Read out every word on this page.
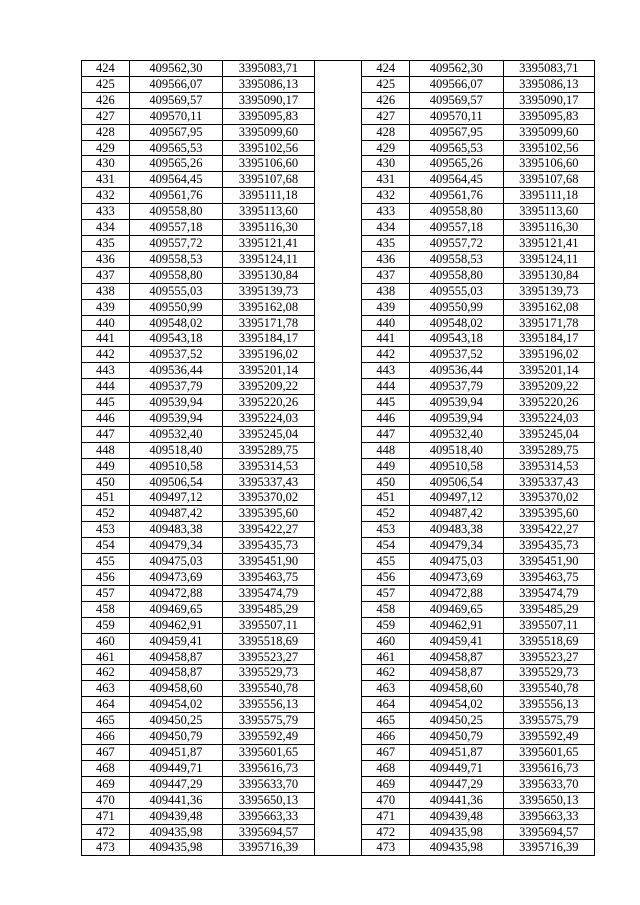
424	409562,30	3395083,71		424	409562,30	3395083,71
425	409566,07	3395086,13		425	409566,07	3395086,13
426	409569,57	3395090,17		426	409569,57	3395090,17
427	409570,11	3395095,83		427	409570,11	3395095,83
428	409567,95	3395099,60		428	409567,95	3395099,60
429	409565,53	3395102,56		429	409565,53	3395102,56
430	409565,26	3395106,60		430	409565,26	3395106,60
431	409564,45	3395107,68		431	409564,45	3395107,68
432	409561,76	3395111,18		432	409561,76	3395111,18
433	409558,80	3395113,60		433	409558,80	3395113,60
434	409557,18	3395116,30		434	409557,18	3395116,30
435	409557,72	3395121,41		435	409557,72	3395121,41
436	409558,53	3395124,11		436	409558,53	3395124,11
437	409558,80	3395130,84		437	409558,80	3395130,84
438	409555,03	3395139,73		438	409555,03	3395139,73
439	409550,99	3395162,08		439	409550,99	3395162,08
440	409548,02	3395171,78		440	409548,02	3395171,78
441	409543,18	3395184,17		441	409543,18	3395184,17
442	409537,52	3395196,02		442	409537,52	3395196,02
443	409536,44	3395201,14		443	409536,44	3395201,14
444	409537,79	3395209,22		444	409537,79	3395209,22
445	409539,94	3395220,26		445	409539,94	3395220,26
446	409539,94	3395224,03		446	409539,94	3395224,03
447	409532,40	3395245,04		447	409532,40	3395245,04
448	409518,40	3395289,75		448	409518,40	3395289,75
449	409510,58	3395314,53		449	409510,58	3395314,53
450	409506,54	3395337,43		450	409506,54	3395337,43
451	409497,12	3395370,02		451	409497,12	3395370,02
452	409487,42	3395395,60		452	409487,42	3395395,60
453	409483,38	3395422,27		453	409483,38	3395422,27
454	409479,34	3395435,73		454	409479,34	3395435,73
455	409475,03	3395451,90		455	409475,03	3395451,90
456	409473,69	3395463,75		456	409473,69	3395463,75
457	409472,88	3395474,79		457	409472,88	3395474,79
458	409469,65	3395485,29		458	409469,65	3395485,29
459	409462,91	3395507,11		459	409462,91	3395507,11
460	409459,41	3395518,69		460	409459,41	3395518,69
461	409458,87	3395523,27		461	409458,87	3395523,27
462	409458,87	3395529,73		462	409458,87	3395529,73
463	409458,60	3395540,78		463	409458,60	3395540,78
464	409454,02	3395556,13		464	409454,02	3395556,13
465	409450,25	3395575,79		465	409450,25	3395575,79
466	409450,79	3395592,49		466	409450,79	3395592,49
467	409451,87	3395601,65		467	409451,87	3395601,65
468	409449,71	3395616,73		468	409449,71	3395616,73
469	409447,29	3395633,70		469	409447,29	3395633,70
470	409441,36	3395650,13		470	409441,36	3395650,13
471	409439,48	3395663,33		471	409439,48	3395663,33
472	409435,98	3395694,57		472	409435,98	3395694,57
473	409435,98	3395716,39		473	409435,98	3395716,39
